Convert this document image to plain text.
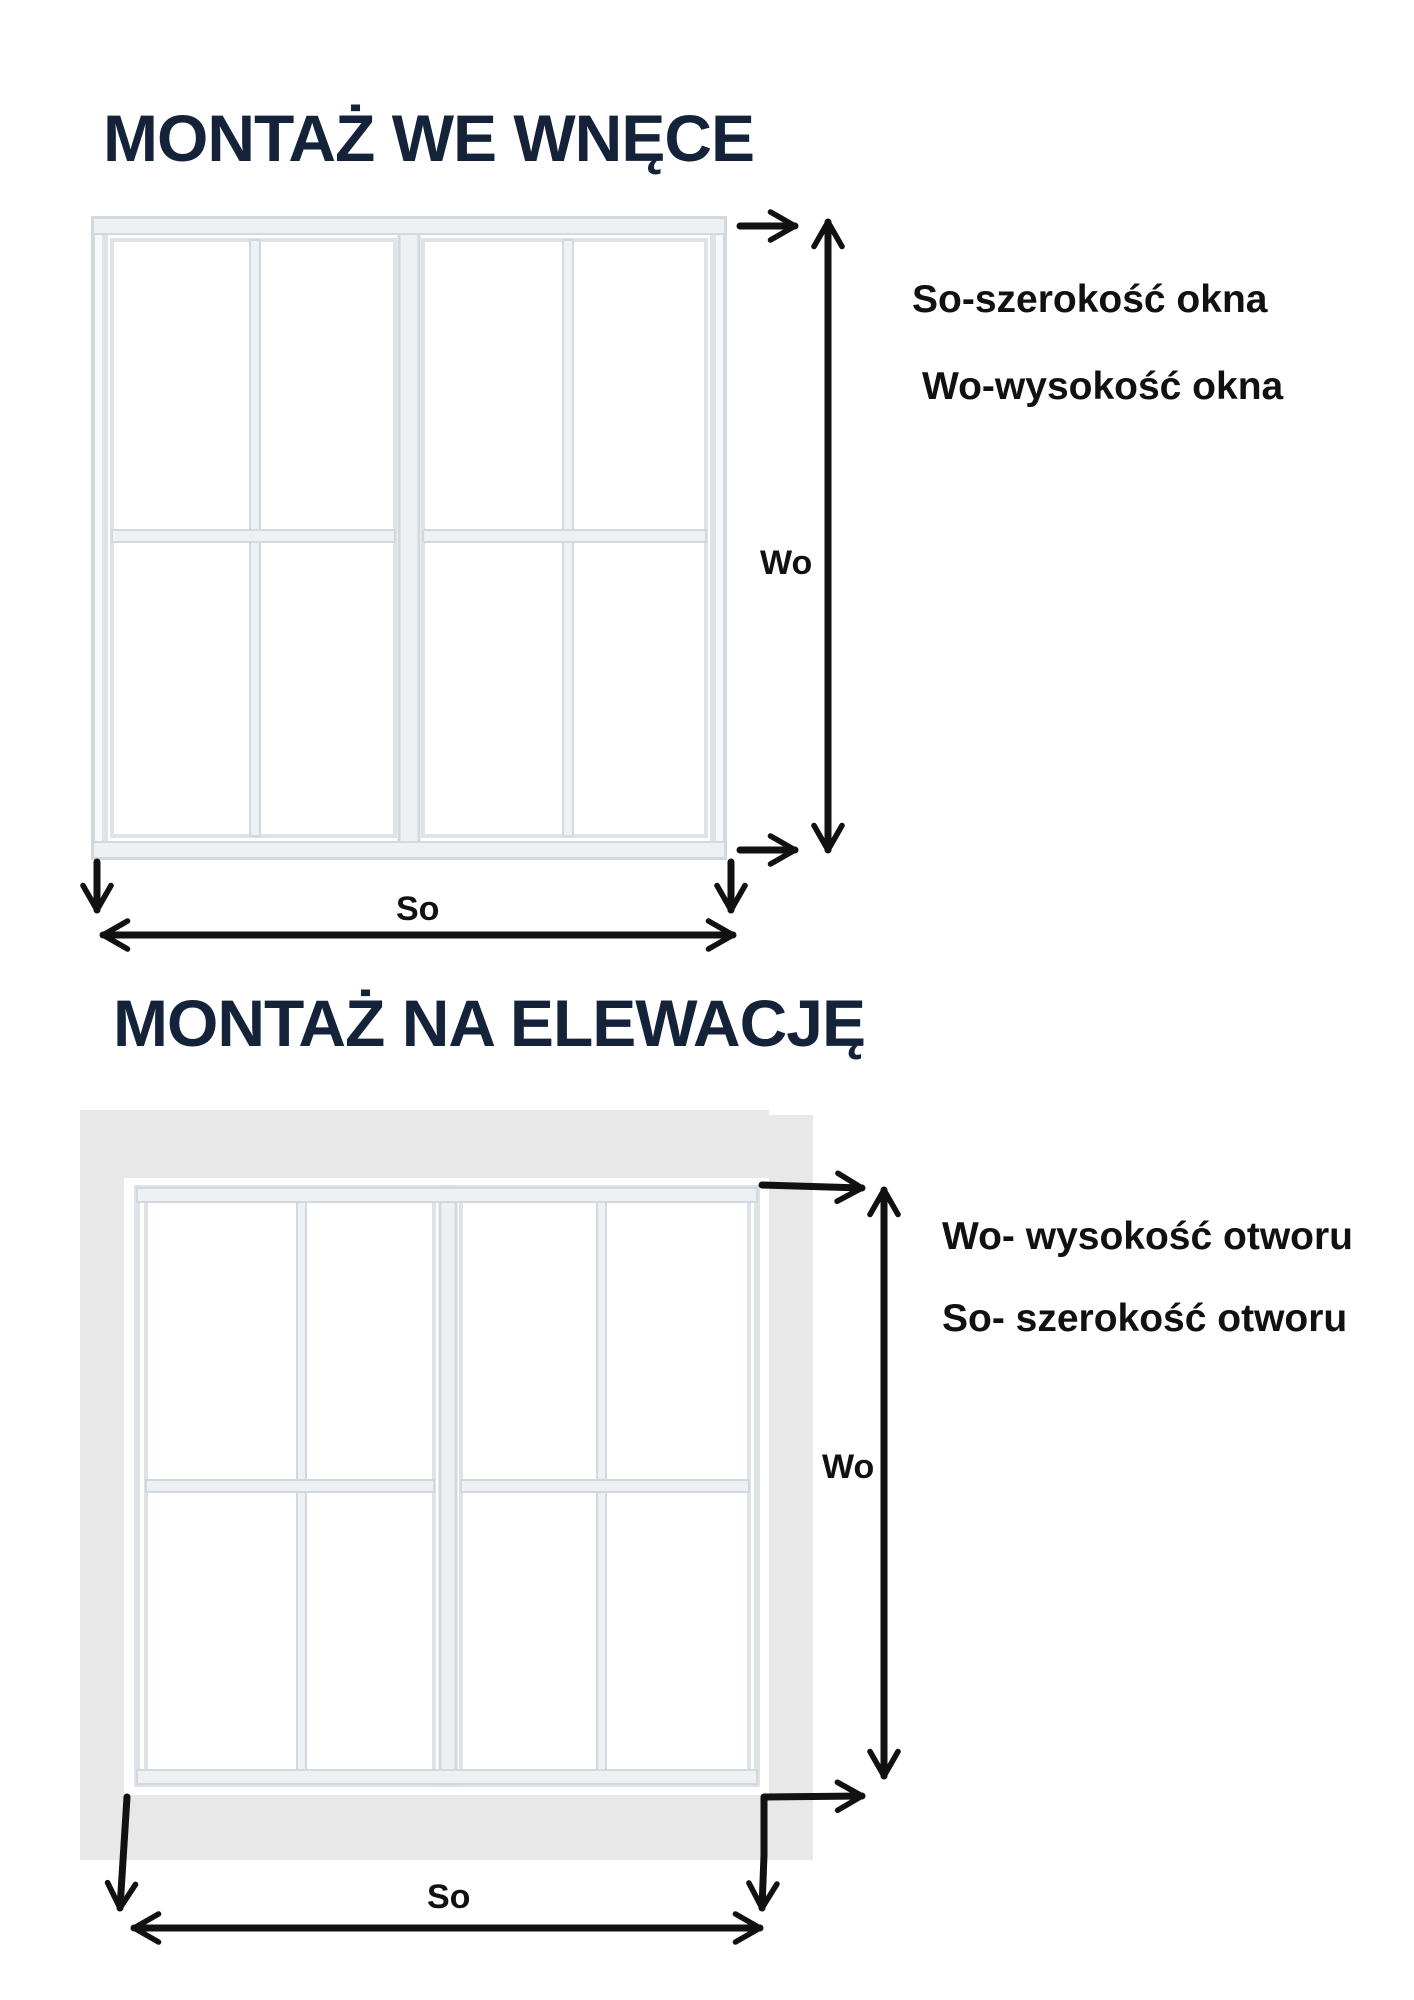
MONTAŻ WE WNĘCE

So-szerokość okna

Wo-wysokość okna

MONTAŻ NA ELEWACJĘ

Wo- wysokość otworu

So- szerokość otworu

Wo
So
Wo
So
